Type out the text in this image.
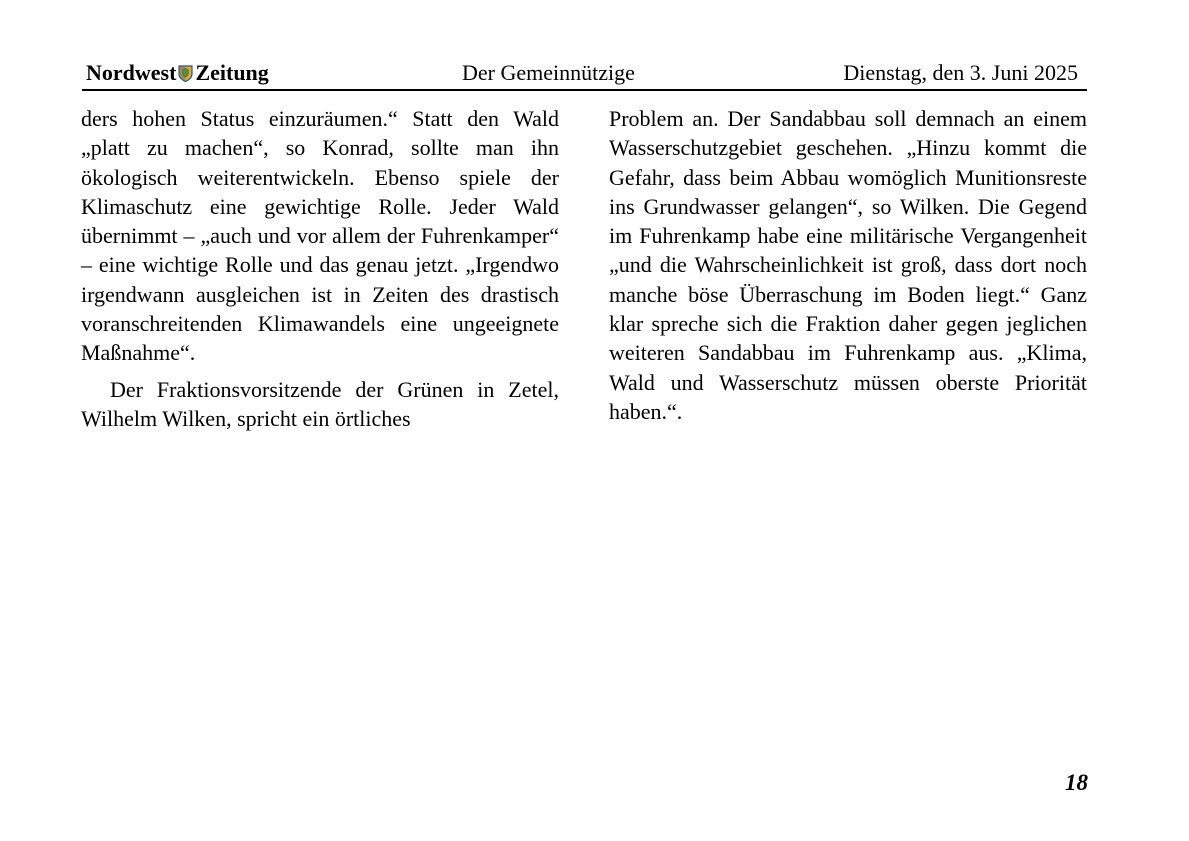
Nordwest Zeitung	Der Gemeinnützige	Dienstag, den 3. Juni 2025

ders hohen Status einzuräumen.“ Statt den Wald „platt zu machen“, so Konrad, sollte man ihn ökologisch weiterentwickeln. Ebenso spiele der Klimaschutz eine gewichtige Rolle. Jeder Wald übernimmt – „auch und vor allem der Fuhrenkamper“ – eine wichtige Rolle und das genau jetzt. „Irgendwo irgendwann ausgleichen ist in Zeiten des drastisch voranschreitenden Klimawandels eine ungeeignete Maßnahme“.

Der Fraktionsvorsitzende der Grünen in Zetel, Wilhelm Wilken, spricht ein örtliches

Problem an. Der Sandabbau soll demnach an einem Wasserschutzgebiet geschehen. „Hinzu kommt die Gefahr, dass beim Abbau womöglich Munitionsreste ins Grundwasser gelangen“, so Wilken. Die Gegend im Fuhrenkamp habe eine militärische Vergangenheit „und die Wahrscheinlichkeit ist groß, dass dort noch manche böse Überraschung im Boden liegt.“ Ganz klar spreche sich die Fraktion daher gegen jeglichen weiteren Sandabbau im Fuhrenkamp aus. „Klima, Wald und Wasserschutz müssen oberste Priorität haben.“.

18
